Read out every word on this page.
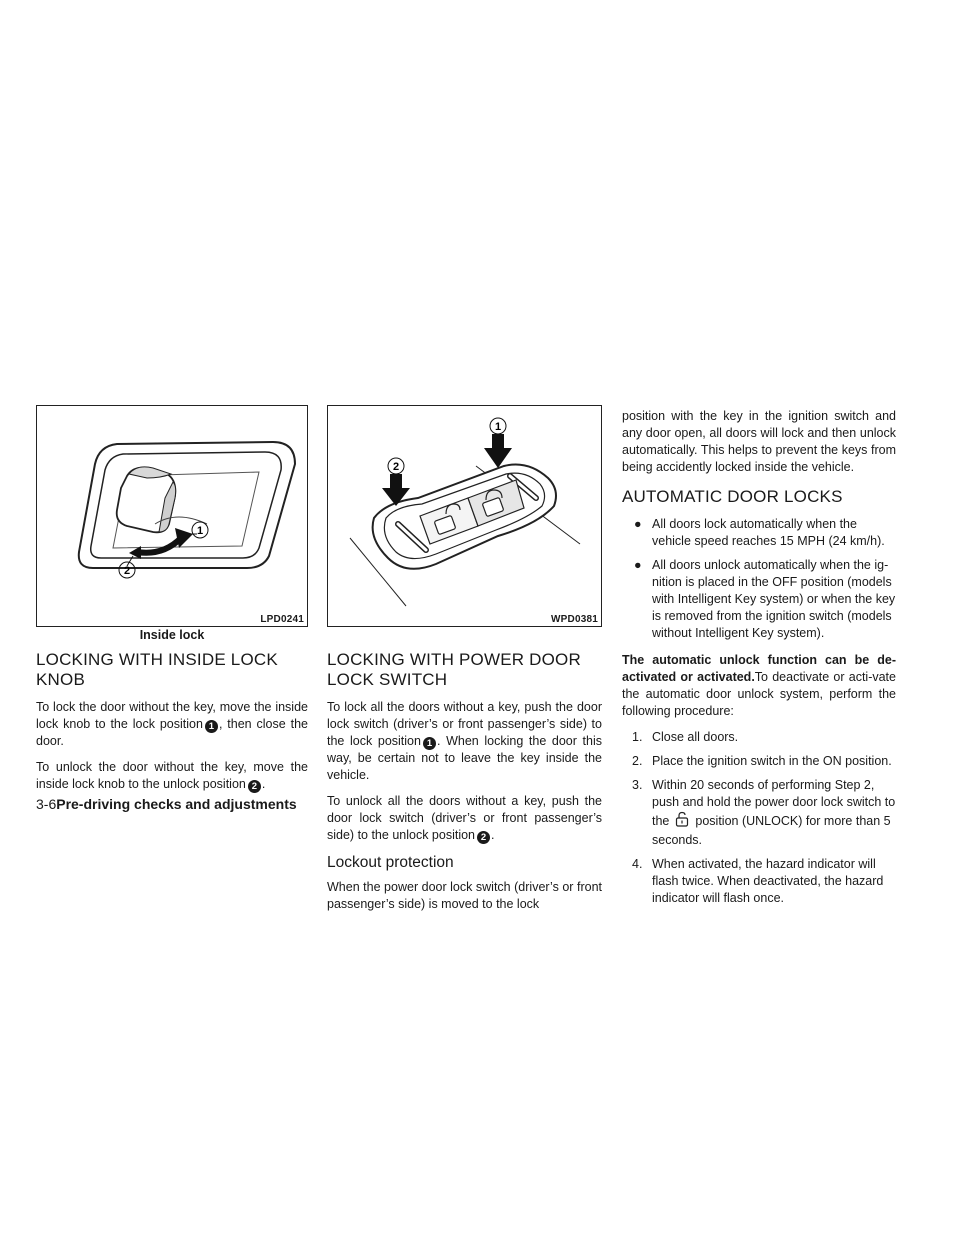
1
2
LPD0241
Inside lock
LOCKING WITH INSIDE LOCK KNOB

To lock the door without the key, move the inside lock knob to the lock position 1 , then close the door.

To unlock the door without the key, move the inside lock knob to the unlock position 2 .

1
2
WPD0381
LOCKING WITH POWER DOOR LOCK SWITCH

To lock all the doors without a key, push the door lock switch (driver’s or front passenger’s side) to the lock position 1 . When locking the door this way, be certain not to leave the key inside the vehicle.

To unlock all the doors without a key, push the door lock switch (driver’s or front passenger’s side) to the unlock position 2 .

Lockout protection

When the power door lock switch (driver’s or front passenger’s side) is moved to the lock

position with the key in the ignition switch and any door open, all doors will lock and then unlock automatically. This helps to prevent the keys from being accidently locked inside the vehicle.

AUTOMATIC DOOR LOCKS
● All doors lock automatically when the vehicle speed reaches 15 MPH (24 km/h).
● All doors unlock automatically when the ig-nition is placed in the OFF position (models with Intelligent Key system) or when the key is removed from the ignition switch (models without Intelligent Key system).

The automatic unlock function can be de-activated or activated.To deactivate or acti-vate the automatic door unlock system, perform the following procedure:

1. Close all doors.
2. Place the ignition switch in the ON position.
3. Within 20 seconds of performing Step 2, push and hold the power door lock switch to the position (UNLOCK) for more than 5 seconds.
4. When activated, the hazard indicator will flash twice. When deactivated, the hazard indicator will flash once.
3-6Pre-driving checks and adjustments
